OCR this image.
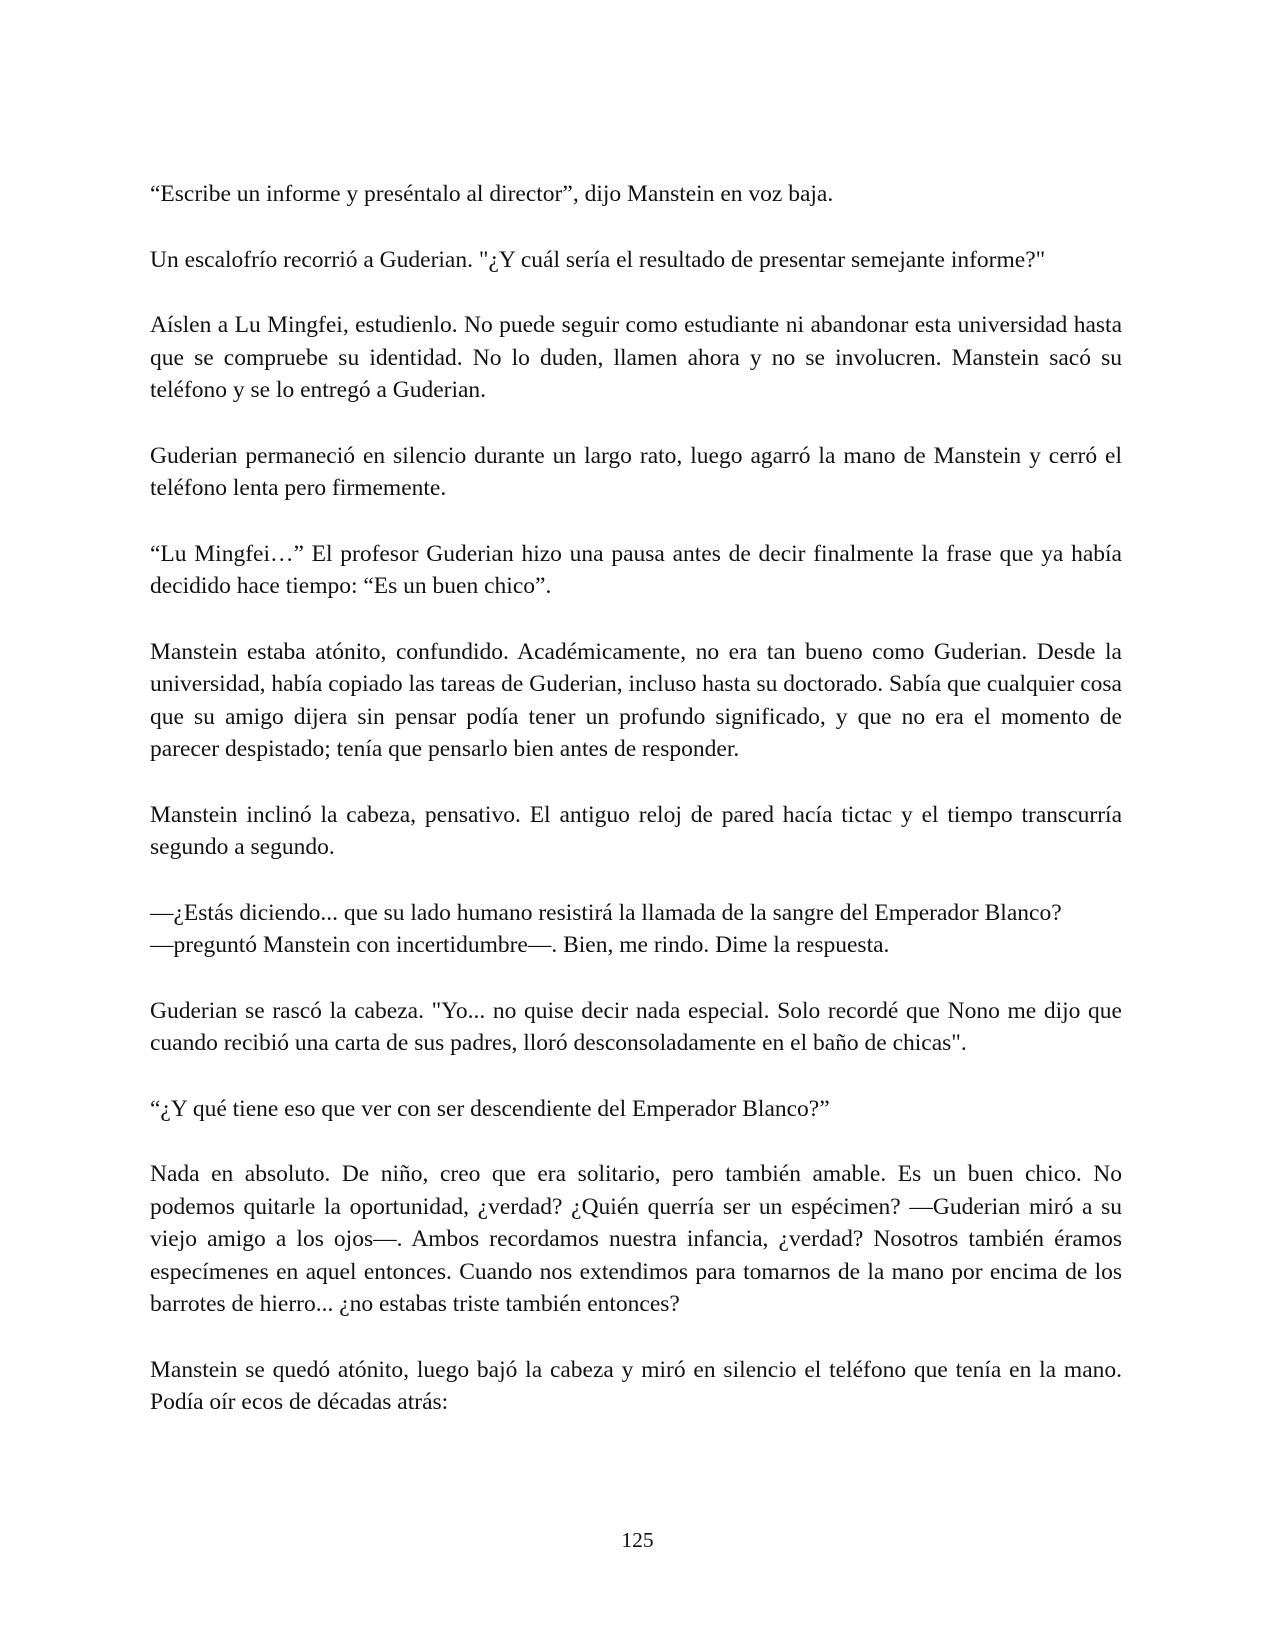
“Escribe un informe y preséntalo al director”, dijo Manstein en voz baja.

Un escalofrío recorrió a Guderian. "¿Y cuál sería el resultado de presentar semejante informe?"

Aíslen a Lu Mingfei, estudienlo. No puede seguir como estudiante ni abandonar esta universidad hasta que se compruebe su identidad. No lo duden, llamen ahora y no se involucren. Manstein sacó su teléfono y se lo entregó a Guderian.

Guderian permaneció en silencio durante un largo rato, luego agarró la mano de Manstein y cerró el teléfono lenta pero firmemente.

“Lu Mingfei…” El profesor Guderian hizo una pausa antes de decir finalmente la frase que ya había decidido hace tiempo: “Es un buen chico”.

Manstein estaba atónito, confundido. Académicamente, no era tan bueno como Guderian. Desde la universidad, había copiado las tareas de Guderian, incluso hasta su doctorado. Sabía que cualquier cosa que su amigo dijera sin pensar podía tener un profundo significado, y que no era el momento de parecer despistado; tenía que pensarlo bien antes de responder.

Manstein inclinó la cabeza, pensativo. El antiguo reloj de pared hacía tictac y el tiempo transcurría segundo a segundo.

—¿Estás diciendo... que su lado humano resistirá la llamada de la sangre del Emperador Blanco?
—preguntó Manstein con incertidumbre—. Bien, me rindo. Dime la respuesta.

Guderian se rascó la cabeza. "Yo... no quise decir nada especial. Solo recordé que Nono me dijo que cuando recibió una carta de sus padres, lloró desconsoladamente en el baño de chicas".

“¿Y qué tiene eso que ver con ser descendiente del Emperador Blanco?”

Nada en absoluto. De niño, creo que era solitario, pero también amable. Es un buen chico. No podemos quitarle la oportunidad, ¿verdad? ¿Quién querría ser un espécimen? —Guderian miró a su viejo amigo a los ojos—. Ambos recordamos nuestra infancia, ¿verdad? Nosotros también éramos especímenes en aquel entonces. Cuando nos extendimos para tomarnos de la mano por encima de los barrotes de hierro... ¿no estabas triste también entonces?

Manstein se quedó atónito, luego bajó la cabeza y miró en silencio el teléfono que tenía en la mano. Podía oír ecos de décadas atrás:

125
